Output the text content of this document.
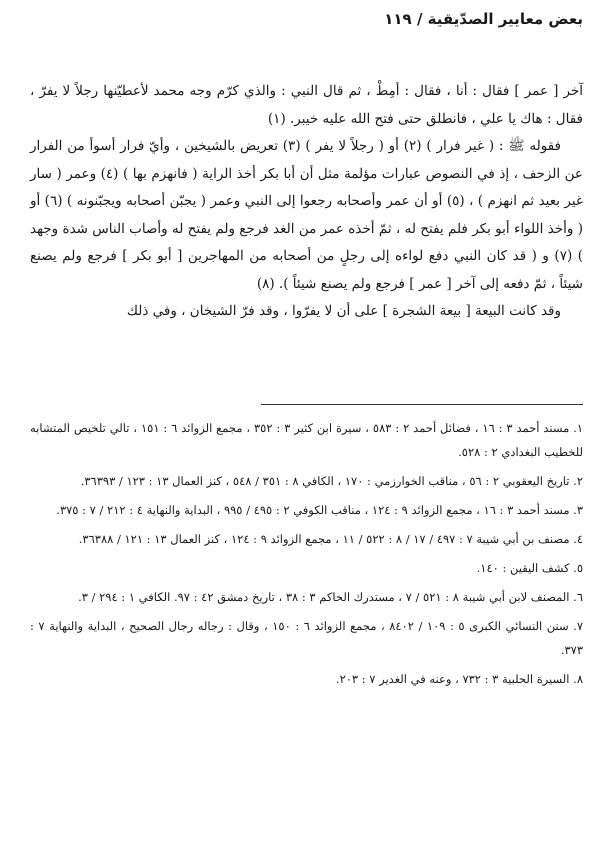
بعض معايير الصدّيقية / ١١٩

آخر [ عمر ] فقال : أنا ، فقال : أمِطْ ، ثم قال النبي : والذي كرّم وجه محمد لأعطيّنها رجلاً لا يفرّ ، فقال : هاك يا علي ، فانطلق حتى فتح الله عليه خيبر. (١)

فقوله ﷺ : ( غير فرار ) (٢) أو ( رجلاً لا يفر ) (٣) تعريض بالشيخين ، وأيّ فرار أسوأ من الفرار عن الزحف ، إذ في النصوص عبارات مؤلمة مثل أن أبا بكر أخذ الراية ( فانهزم بها ) (٤) وعمر ( سار غير بعيد ثم انهزم ) ، (٥) أو أن عمر وأصحابه رجعوا إلى النبي وعمر ( يجبّن أصحابه ويجبّنونه ) (٦) أو ( وأخذ اللواء أبو بكر فلم يفتح له ، ثمّ أخذه عمر من الغد فرجع ولم يفتح له وأصاب الناس شدة وجهد ) (٧) و ( قد كان النبي دفع لواءه إلى رجلٍ من أصحابه من المهاجرين [ أبو بكر ] فرجع ولم يصنع شيئاً ، ثمّ دفعه إلى آخر [ عمر ] فرجع ولم يصنع شيئاً ). (٨)

وقد كانت البيعة [ بيعة الشجرة ] على أن لا يفرّوا ، وقد فرّ الشيخان ، وفي ذلك

١. مسند أحمد ٣ : ١٦ ، فضائل أحمد ٢ : ٥٨٣ ، سيرة ابن كثير ٣ : ٣٥٢ ، مجمع الزوائد ٦ : ١٥١ ، تالي تلخيص المتشابه للخطيب البغدادي ٢ : ٥٢٨.

٢. تاريخ اليعقوبي ٢ : ٥٦ ، مناقب الخوارزمي : ١٧٠ ، الكافي ٨ : ٣٥١ / ٥٤٨ ، كنز العمال ١٣ : ١٢٣ / ٣٦٣٩٣.

٣. مسند أحمد ٣ : ١٦ ، مجمع الزوائد ٩ : ١٢٤ ، مناقب الكوفي ٢ : ٤٩٥ / ٩٩٥ ، البداية والنهاية ٤ : ٢١٢ / ٧ : ٣٧٥.

٤. مصنف بن أبي شيبة ٧ : ٤٩٧ / ١٧ / ٨ : ٥٢٢ / ١١ ، مجمع الزوائد ٩ : ١٢٤ ، كنز العمال ١٣ : ١٢١ / ٣٦٣٨٨.

٥. كشف اليقين : ١٤٠.

٦. المصنف لابن أبي شيبة ٨ : ٥٢١ / ٧ ، مستدرك الحاكم ٣ : ٣٨ ، تاريخ دمشق ٤٢ : ٩٧. الكافي ١ : ٢٩٤ / ٣.

٧. سنن النسائي الكبرى ٥ : ١٠٩ / ٨٤٠٢ ، مجمع الزوائد ٦ : ١٥٠ ، وقال : رجاله رجال الصحيح ، البداية والنهاية ٧ : ٣٧٣.

٨. السيرة الحلبية ٣ : ٧٣٢ ، وعنه في الغدير ٧ : ٢٠٣.
